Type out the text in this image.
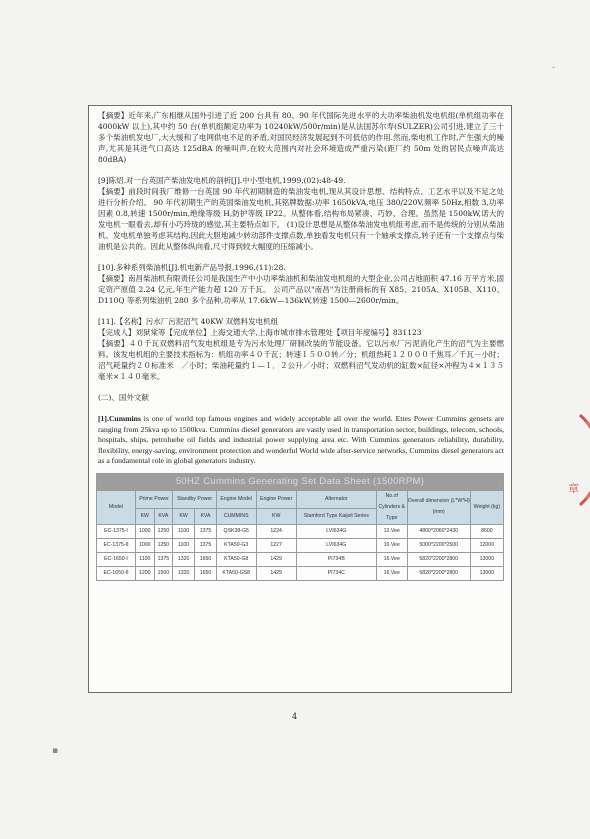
【摘要】近年来,广东相继从国外引进了近 200 台具有 80、90 年代国际先进水平的大功率柴油机发电机组(单机组功率在 4000kW 以上),其中约 50 台(单机组额定功率为 10240kW/500r/min)是从法国苏尔寿(SULZER)公司引进,建立了三十多个柴油机发电厂,大大缓和了电网供电不足的矛盾,对国民经济发展起到不可低估的作用.然而,柴电机工作时,产生强大的噪声,尤其是其进气口高达 125dBA 的噪叫声,在较大范围内对社会环境造成严重污染(距厂约 50m 处的居民点噪声高达 80dBA)

[9]陈炤.对一台英国产柴油发电机的剖析[J].中小型电机,1999,(02):48-49.

【摘要】前段时间我厂维修一台英国 90 年代初期制造的柴油发电机,现从其设计思想、结构特点、工艺水平以及不足之处进行分析介绍。 90 年代初期生产的英国柴油发电机,其铭牌数据:功率 1650kVA,电压 380/220V,频率 50Hz,相数 3,功率因素 0.8,转速 1500r/min,绝缘等级 H,防护等级 IP22。从整体看,结构布局紧凑、巧妙、合理。虽然是 1500kW,诺大的发电机一眼看去,却有小巧玲珑的感觉,其主要特点如下。 (1)设计思想是从整体柴油发电机组考虑,而不是传统的分别从柴油机、发电机单独考虑其结构,因此大胆地减少转动部件支撑点数,单独看发电机只有一个轴承支撑点,转子还有一个支撑点与柴油机是公共的。因此从整体纵向看,尺寸得到较大幅度的压缩减小。

[10].多种系列柴油机[J].机电新产品导报,1996,(11):28.

【摘要】南昌柴油机有限责任公司是我国生产中小功率柴油机和柴油发电机组的大型企业,公司占地面积 47.16 万平方米,固定资产原值 2.24 亿元,年生产能力超 120 万千瓦。 公司产品以"南昌"为注册商标的有 X85、2105A、X105B、X110、D110Q 等系列柴油机 280 多个品种,功率从 17.6kW—136kW,转速 1500—2600r/min。

[11].【名称】污水厂污泥沼气 40KW 双燃料发电机组

【完成人】刘狱棠等【完成单位】上海交通大学,上海市城市排水管理处【项目年度编号】831123

【摘要】４０千瓦双燃料沼气发电机组是专为污水处理厂研制改装的节能设备。它以污水厂污泥消化产生的沼气为主要燃料。该发电机组的主要技术指标为：机组功率４０千瓦；转速１５００转／分；机组热耗１２０００千焦耳／千瓦－小时；沼气耗量约２０标准米　／小时；柴油耗量约１—１．２公升／小时；双燃料沼气发动机的缸数×缸径×冲程为４×１３５毫米×１４０毫米。

(二)、国外文献

[1].Cummins is one of world top famous engines and widely acceptable all over the world. Ettes Power Cummins gensets are ranging from 25kva up to 1500kva. Cummins diesel generators are vastly used in transportation sector, buildings, telecom, schools, hospitals, ships, petroluebe oil fields and industrial power supplying area etc. With Cummins generators reliability, durability, flexibility, energy-saving, environment protection and wonderful World wide after-service networks, Cummins diesel generators act as a fundamental role in global generators industry.

50HZ Cummins Generating Set Data Sheet (1500RPM)										
Model	Prime Power		Standby Power		Engine Model	Engine Power	Alternator	No.of Cylinders & Type	Overall dimension (L*W*H)(mm)	Weight (kg)
	KW	KVA	KW	KVA	CUMMINS	KW	Stamford Type Kaijeli Series			
EC-1375-I	1000	1250	1100	1375	QSK38-G5	1224	LVI634G	12.Vee	4800*2060*2430	8600
EC-1375-II	1000	1250	1100	1375	KTA50-G3	1227	LVI634G	16.Vee	5000*2200*2500	12000
EC-1650-I	1100	1375	1320	1650	KTA50-G8	1429	PI734B	16.Vee	5820*2200*2800	13000
EC-1650-II	1200	1500	1320	1650	KTA50-GS8	1429	PI734C	16.Vee	5820*2200*2800	13000
4
章
▪
‐
